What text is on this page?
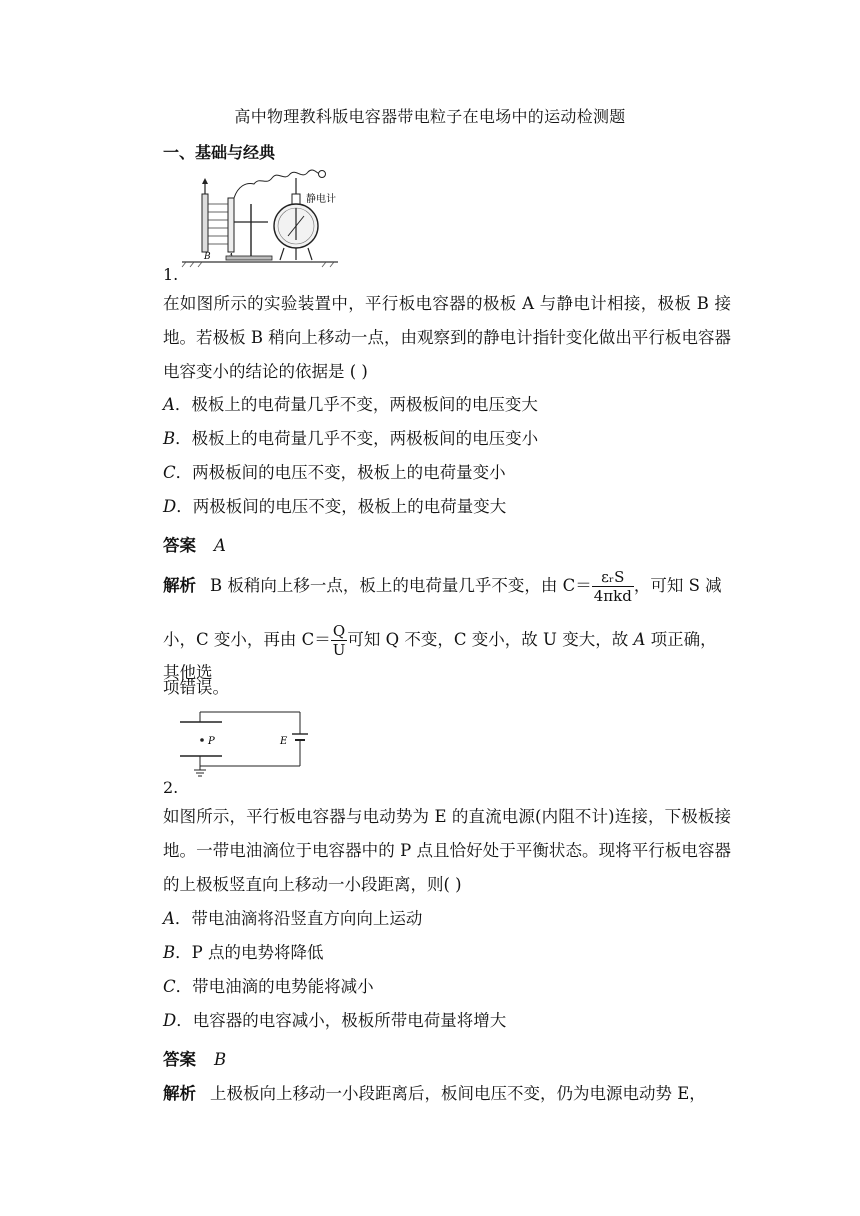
高中物理教科版电容器带电粒子在电场中的运动检测题
一、基础与经典
B
静电计
1.
在如图所示的实验装置中，平行板电容器的极板 A 与静电计相接，极板 B 接地。若极板 B 稍向上移动一点，由观察到的静电计指针变化做出平行板电容器电容变小的结论的依据是 ( )
A．极板上的电荷量几乎不变，两极板间的电压变大
B．极板上的电荷量几乎不变，两极板间的电压变小
C．两极板间的电压不变，极板上的电荷量变小
D．两极板间的电压不变，极板上的电荷量变大
答案 A
解析 B 板稍向上移一点，板上的电荷量几乎不变，由 $C= \frac{\text{εᵣS}}{\text{4πkd}}$ ，可知 S 减
小，C 变小，再由 $C= \frac{Q}{U}$ 可知 Q 不变，C 变小，故 U 变大，故 A 项正确，其他选
项错误。
P	E
2.
如图所示，平行板电容器与电动势为 E 的直流电源(内阻不计)连接，下极板接地。一带电油滴位于电容器中的 P 点且恰好处于平衡状态。现将平行板电容器的上极板竖直向上移动一小段距离，则( )
A．带电油滴将沿竖直方向向上运动
B．P 点的电势将降低
C．带电油滴的电势能将减小
D．电容器的电容减小，极板所带电荷量将增大
答案 B
解析 上极板向上移动一小段距离后，板间电压不变，仍为电源电动势 E，
